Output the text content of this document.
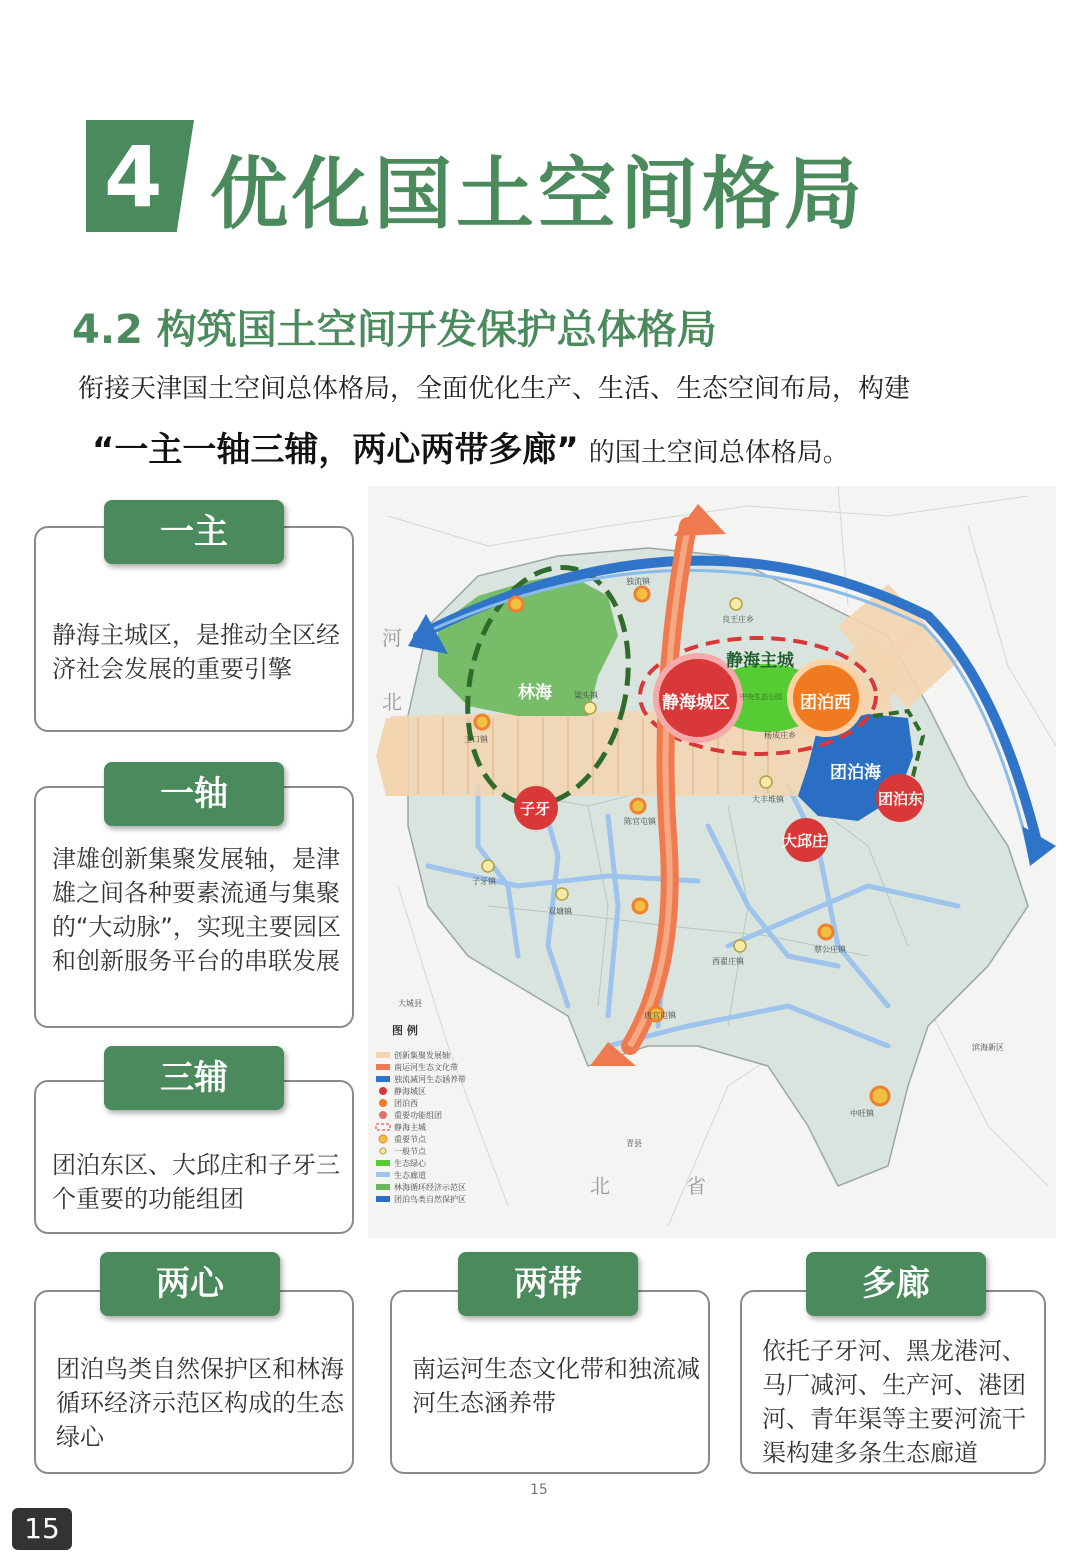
4 优化国土空间格局
4.2 构筑国土空间开发保护总体格局
衔接天津国土空间总体格局，全面优化生产、生活、生态空间布局，构建
“一主一轴三辅，两心两带多廊” 的国土空间总体格局。
静海主城区，是推动全区经济社会发展的重要引擎
一主
津雄创新集聚发展轴，是津雄之间各种要素流通与集聚的“大动脉”，实现主要园区和创新服务平台的串联发展
一轴
团泊东区、大邱庄和子牙三个重要的功能组团
三辅
团泊鸟类自然保护区和林海循环经济示范区构成的生态绿心
两心
南运河生态文化带和独流减河生态涵养带
两带
依托子牙河、黑龙港河、马厂减河、生产河、港团河、青年渠等主要河流干渠构建多条生态廊道
多廊
静海主城
静海城区	团泊西
团泊东
大邱庄
子牙
林海
团泊海
独流镇
梁头镇
王口镇
子牙镇
陈官屯镇
唐官屯镇
双塘镇
西翟庄镇
蔡公庄镇
中旺镇
良王庄乡
杨成庄乡
大丰堆镇
中央生态公园
大城县
青县
滨海新区
河
北
北	省
图 例
创新集聚发展轴
南运河生态文化带
独流减河生态涵养带
静海城区
团泊西
重要功能组团
静海主城
重要节点
一般节点
生态绿心
生态廊道
林海循环经济示范区
团泊鸟类自然保护区
15
15
